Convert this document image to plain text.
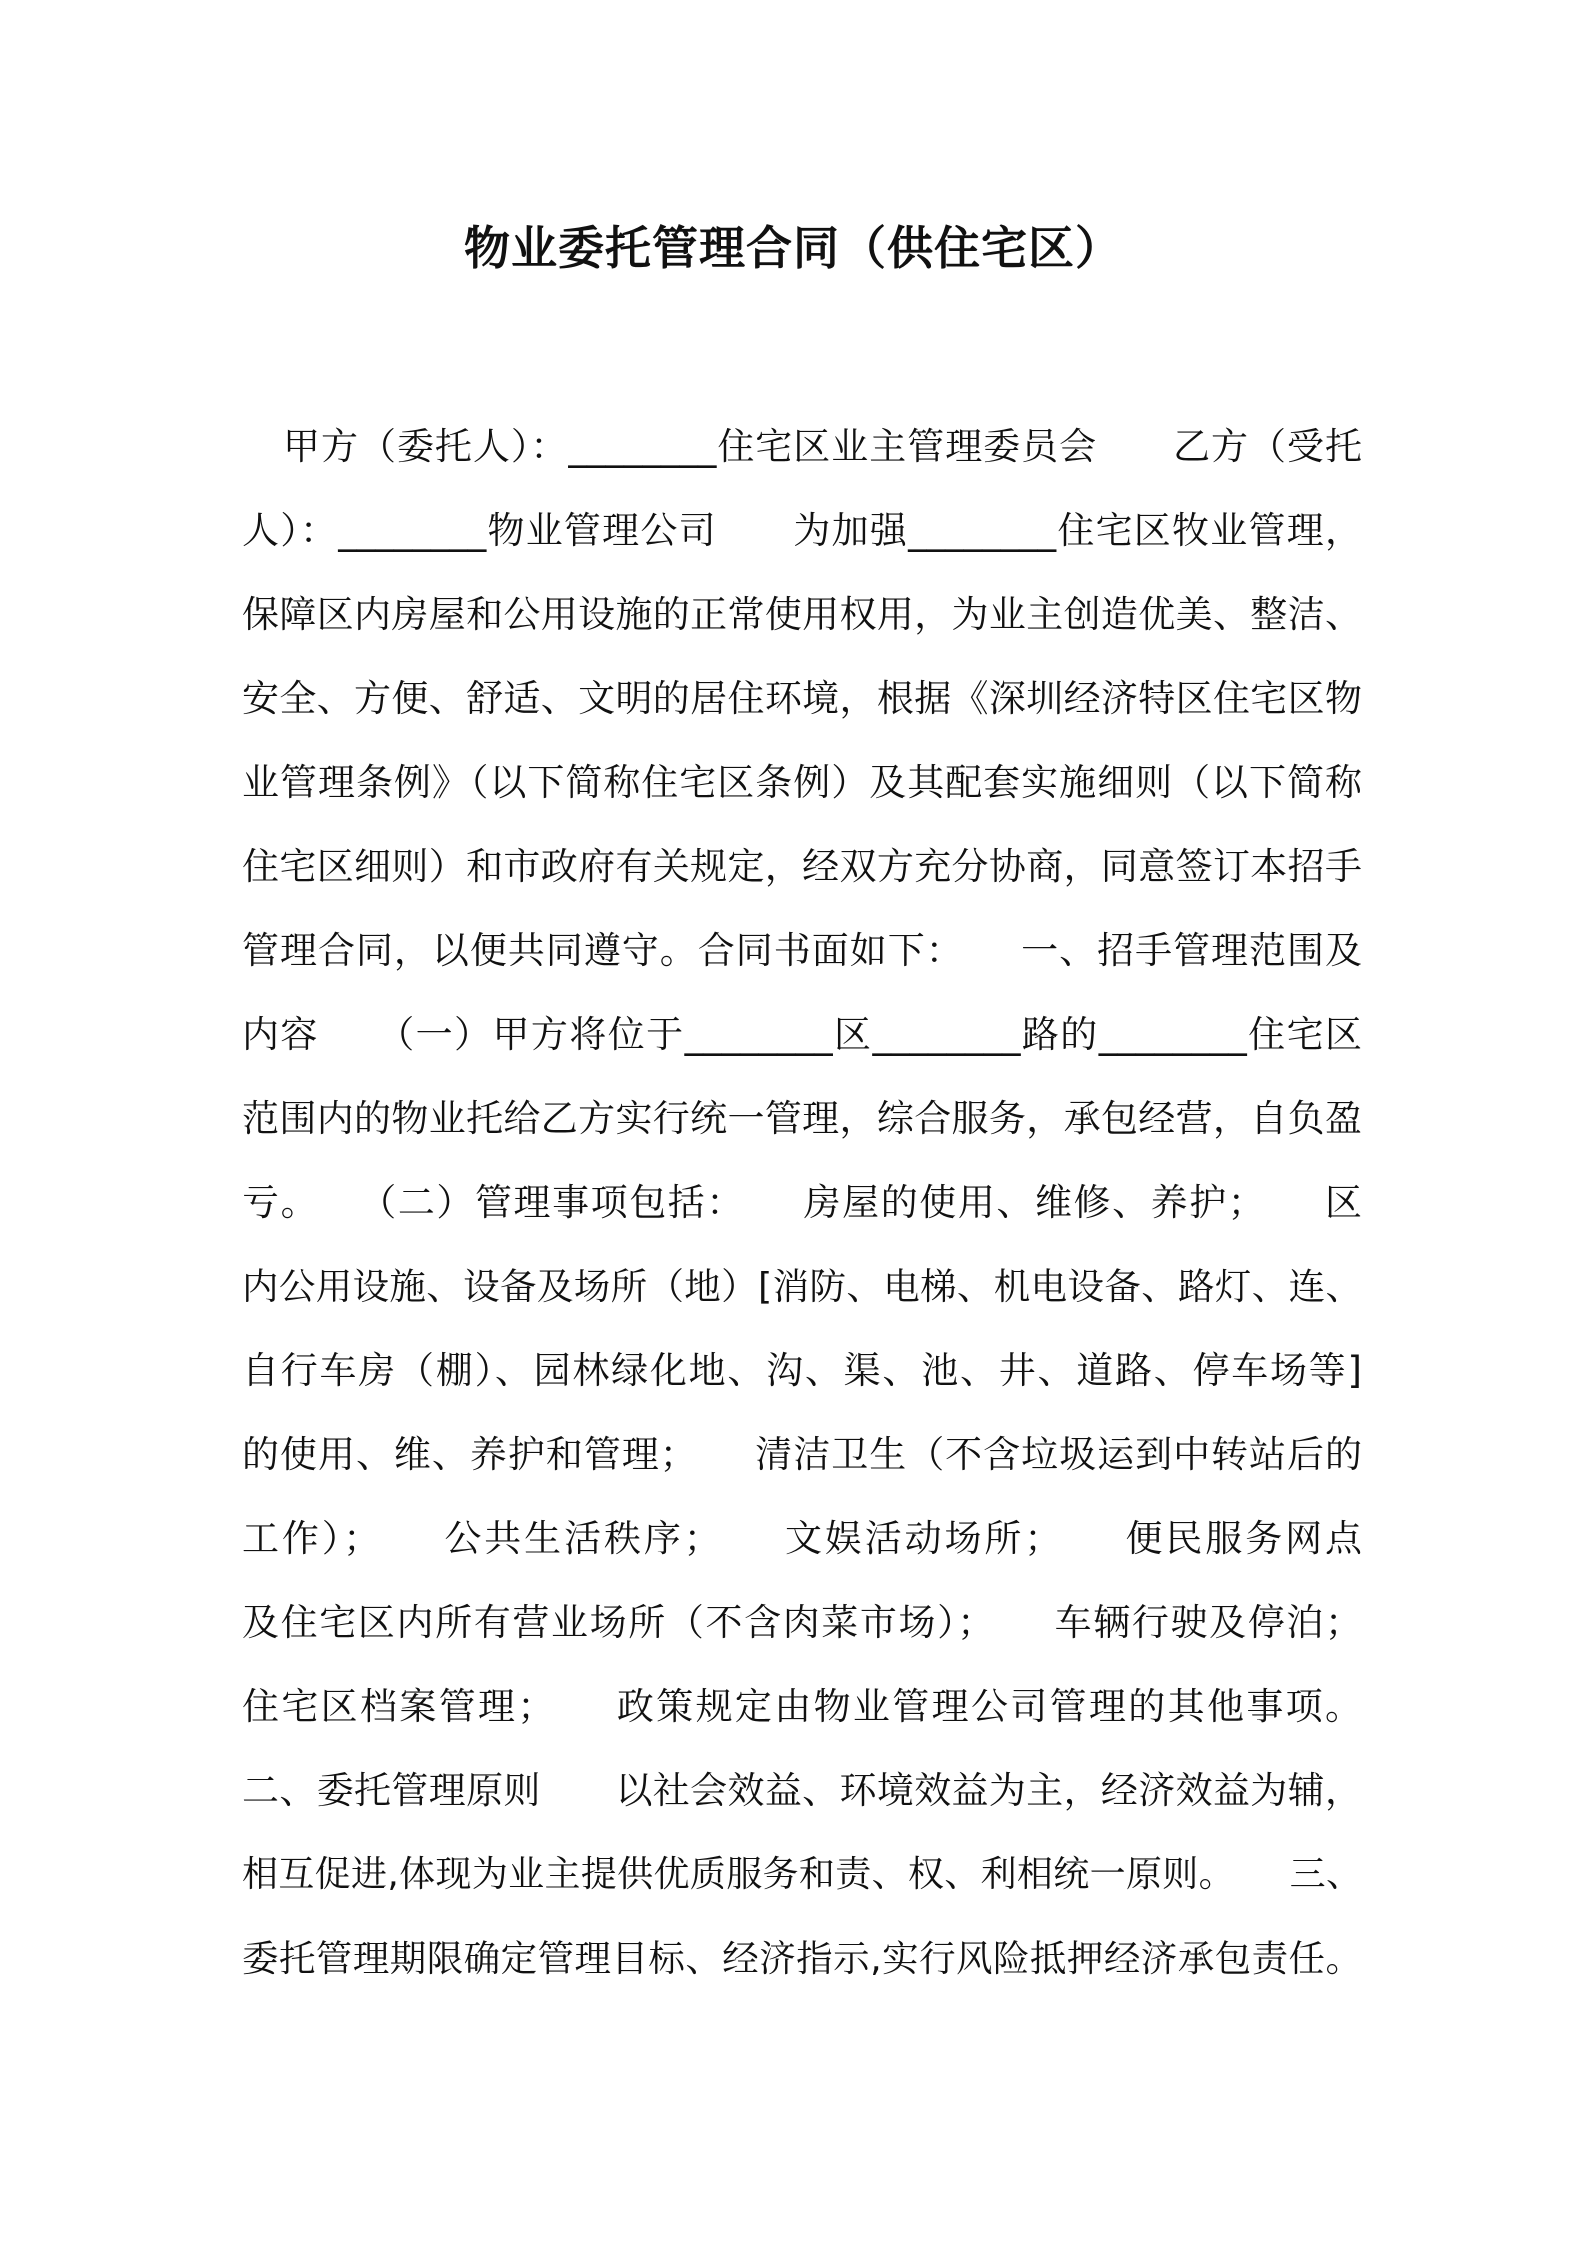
物业委托管理合同（供住宅区）
甲方（委托人）：________住宅区业主管理委员会　　乙方（受托
人）：________物业管理公司　　为加强________住宅区牧业管理，
保障区内房屋和公用设施的正常使用权用，为业主创造优美、整洁、
安全、方便、舒适、文明的居住环境，根据《深圳经济特区住宅区物
业管理条例》（以下简称住宅区条例）及其配套实施细则（以下简称
住宅区细则）和市政府有关规定，经双方充分协商，同意签订本招手
管理合同，以便共同遵守。合同书面如下：　　一、招手管理范围及
内容　　（一）甲方将位于________区________路的________住宅区
范围内的物业托给乙方实行统一管理，综合服务，承包经营，自负盈
亏。　　（二）管理事项包括：　　房屋的使用、维修、养护；　　区
内公用设施、设备及场所（地）[消防、电梯、机电设备、路灯、连、
自行车房（棚）、园林绿化地、沟、渠、池、井、道路、停车场等]
的使用、维、养护和管理；　　清洁卫生（不含垃圾运到中转站后的
工作）；　　公共生活秩序；　　文娱活动场所；　　便民服务网点
及住宅区内所有营业场所（不含肉菜市场）；　　车辆行驶及停泊；
住宅区档案管理；　　政策规定由物业管理公司管理的其他事项。
二、委托管理原则　　以社会效益、环境效益为主，经济效益为辅，
相互促进,体现为业主提供优质服务和责、权、利相统一原则。　　三、
委托管理期限确定管理目标、经济指示,实行风险抵押经济承包责任。
